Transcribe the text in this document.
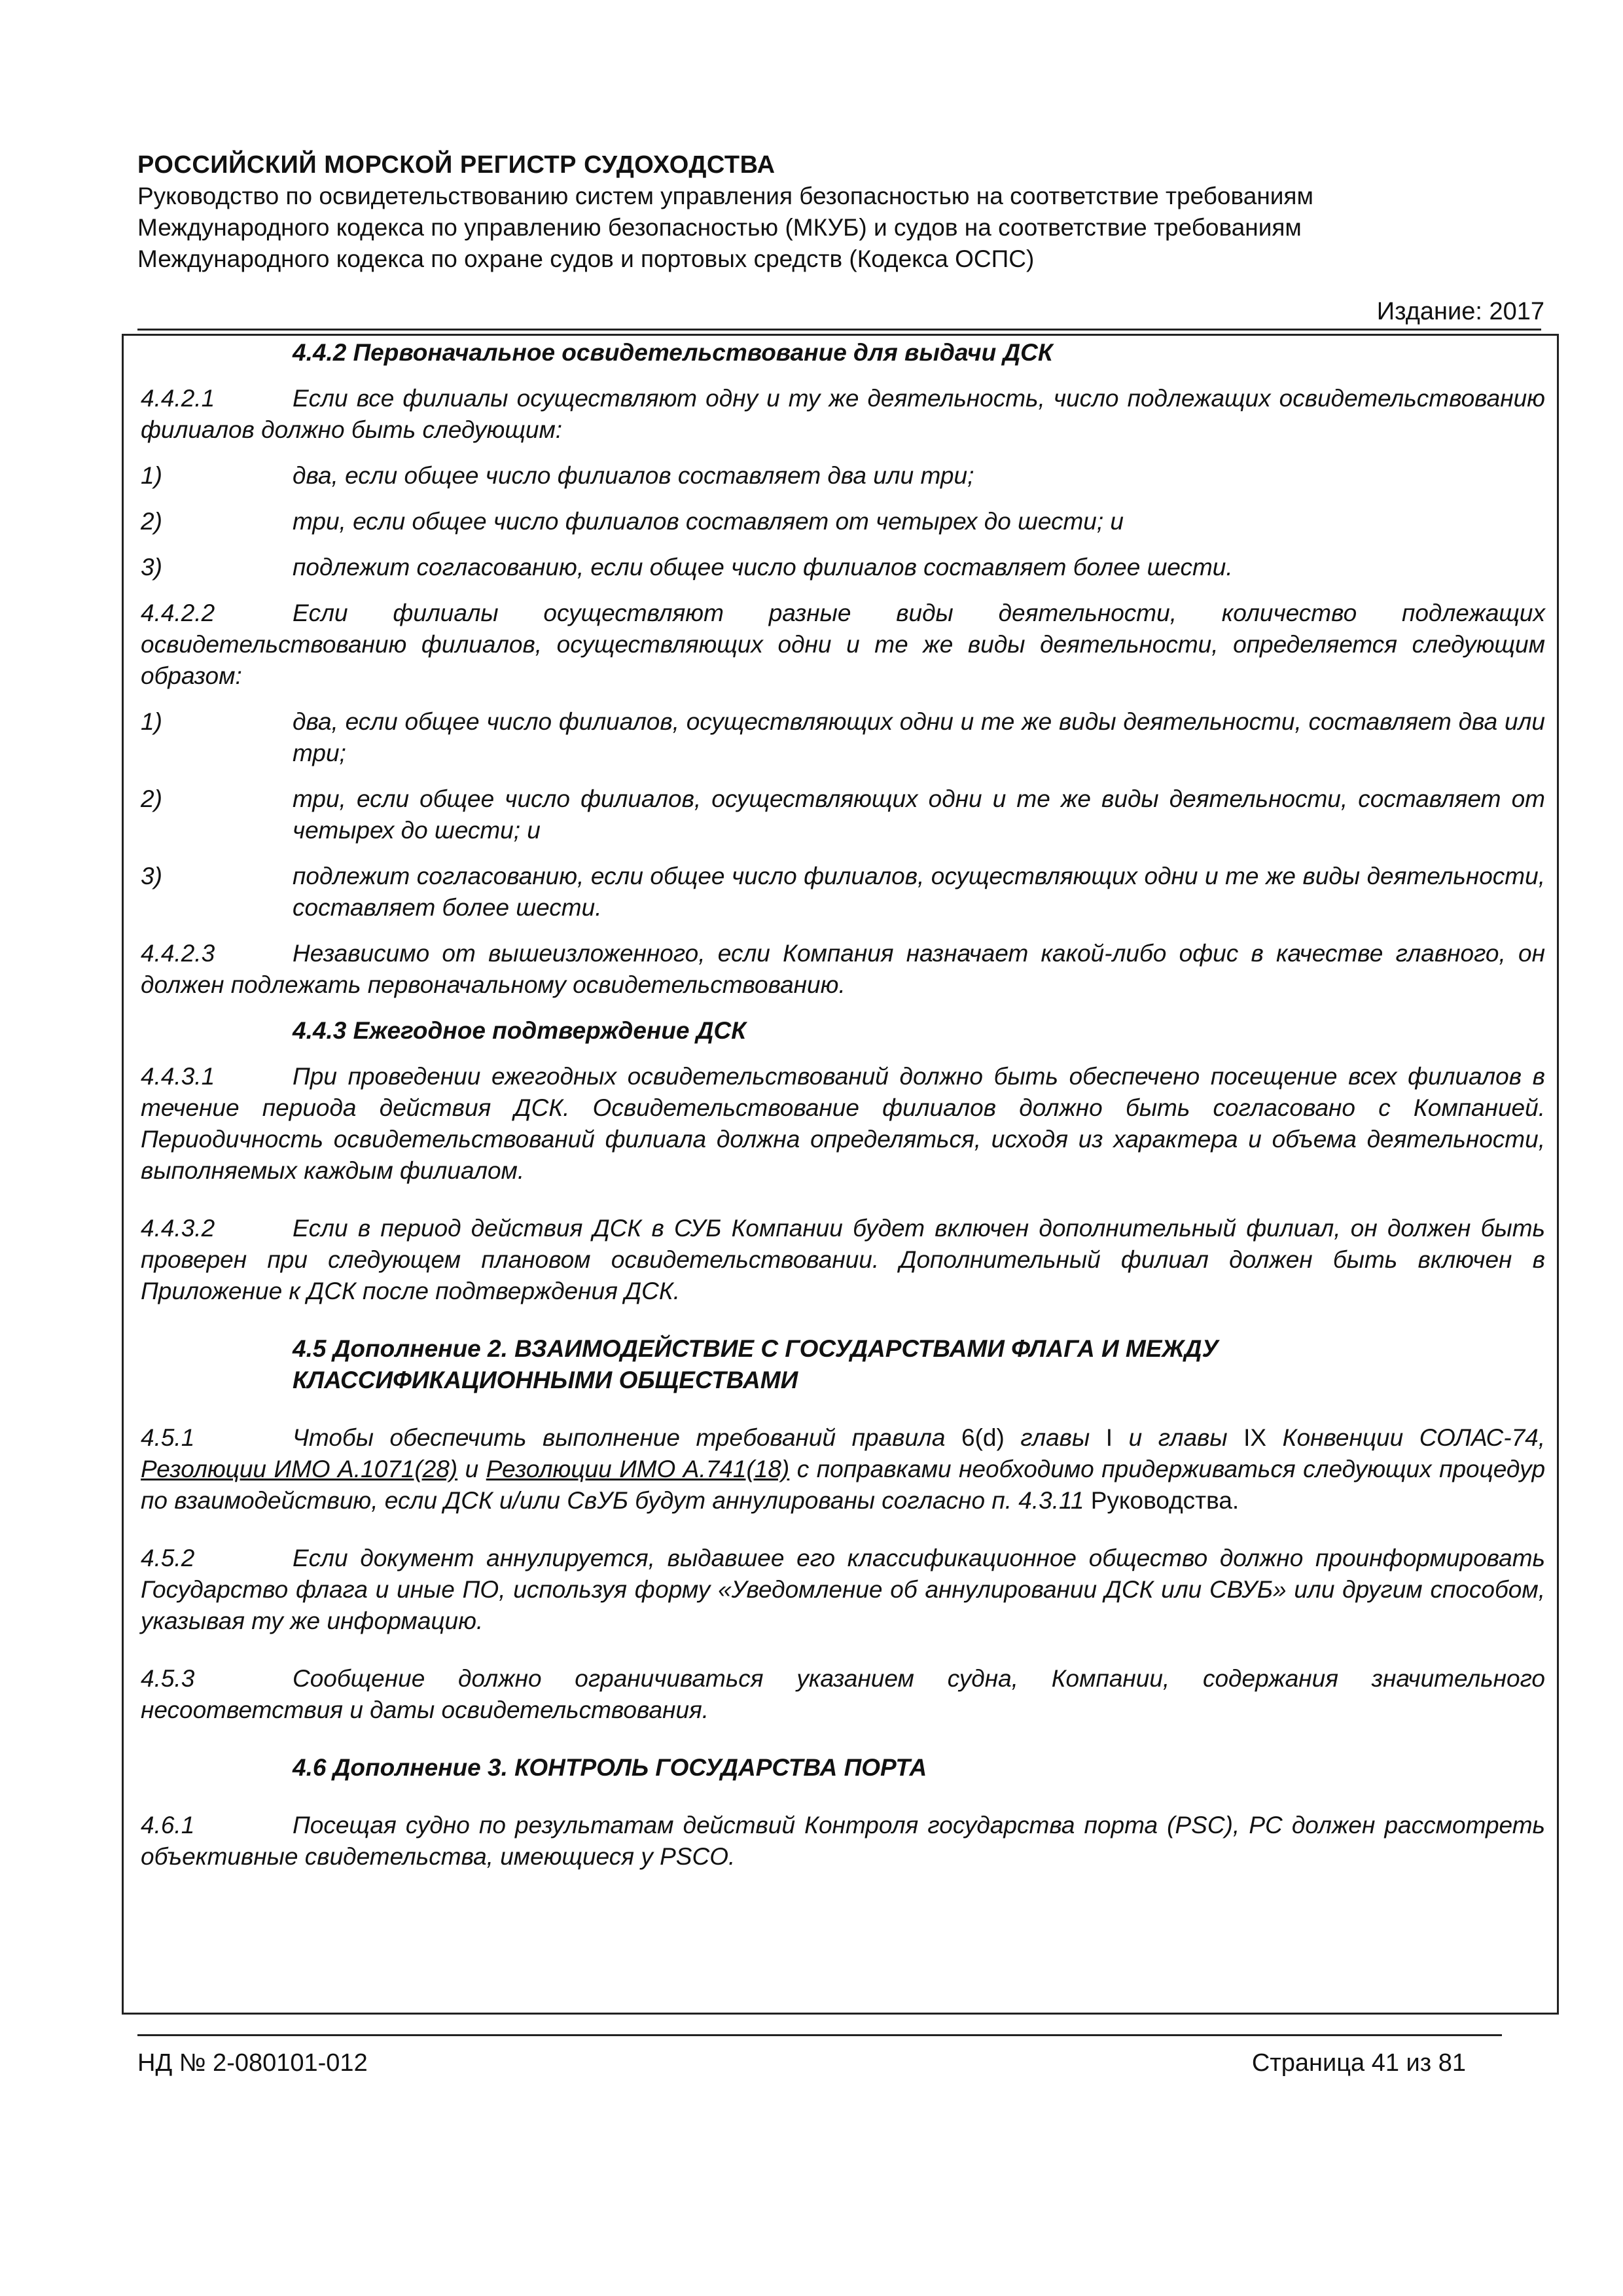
РОССИЙСКИЙ МОРСКОЙ РЕГИСТР СУДОХОДСТВА
Руководство по освидетельствованию систем управления безопасностью на соответствие требованиям
Международного кодекса по управлению безопасностью (МКУБ) и судов на соответствие требованиям
Международного кодекса по охране судов и портовых средств (Кодекса ОСПС)
Издание: 2017

4.4.2 Первоначальное освидетельствование для выдачи ДСК

4.4.2.1	Если все филиалы осуществляют одну и ту же деятельность, число подлежащих освидетельствованию филиалов должно быть следующим:

1)	два, если общее число филиалов составляет два или три;
2)	три, если общее число филиалов составляет от четырех до шести; и
3)	подлежит согласованию, если общее число филиалов составляет более шести.

4.4.2.2	Если филиалы осуществляют разные виды деятельности, количество подлежащих освидетельствованию филиалов, осуществляющих одни и те же виды деятельности, определяется следующим образом:

1)	два, если общее число филиалов, осуществляющих одни и те же виды деятельности, составляет два или три;
2)	три, если общее число филиалов, осуществляющих одни и те же виды деятельности, составляет от четырех до шести; и
3)	подлежит согласованию, если общее число филиалов, осуществляющих одни и те же виды деятельности, составляет более шести.

4.4.2.3	Независимо от вышеизложенного, если Компания назначает какой-либо офис в качестве главного, он должен подлежать первоначальному освидетельствованию.

4.4.3 Ежегодное подтверждение ДСК

4.4.3.1	При проведении ежегодных освидетельствований должно быть обеспечено посещение всех филиалов в течение периода действия ДСК. Освидетельствование филиалов должно быть согласовано с Компанией. Периодичность освидетельствований филиала должна определяться, исходя из характера и объема деятельности, выполняемых каждым филиалом.

4.4.3.2	Если в период действия ДСК в СУБ Компании будет включен дополнительный филиал, он должен быть проверен при следующем плановом освидетельствовании. Дополнительный филиал должен быть включен в Приложение к ДСК после подтверждения ДСК.

4.5 Дополнение 2. ВЗАИМОДЕЙСТВИЕ С ГОСУДАРСТВАМИ ФЛАГА И МЕЖДУ
КЛАССИФИКАЦИОННЫМИ ОБЩЕСТВАМИ

4.5.1	Чтобы обеспечить выполнение требований правила 6(d) главы I и главы IX Конвенции СОЛАС-74, Резолюции ИМО А.1071(28) и Резолюции ИМО А.741(18) с поправками необходимо придерживаться следующих процедур по взаимодействию, если ДСК и/или СвУБ будут аннулированы согласно п. 4.3.11 Руководства.

4.5.2	Если документ аннулируется, выдавшее его классификационное общество должно проинформировать Государство флага и иные ПО, используя форму «Уведомление об аннулировании ДСК или СВУБ» или другим способом, указывая ту же информацию.

4.5.3	Сообщение должно ограничиваться указанием судна, Компании, содержания значительного несоответствия и даты освидетельствования.

4.6 Дополнение 3. КОНТРОЛЬ ГОСУДАРСТВА ПОРТА

4.6.1	Посещая судно по результатам действий Контроля государства порта (PSC), РС должен рассмотреть объективные свидетельства, имеющиеся у PSCO.

НД № 2-080101-012	Страница 41 из 81
